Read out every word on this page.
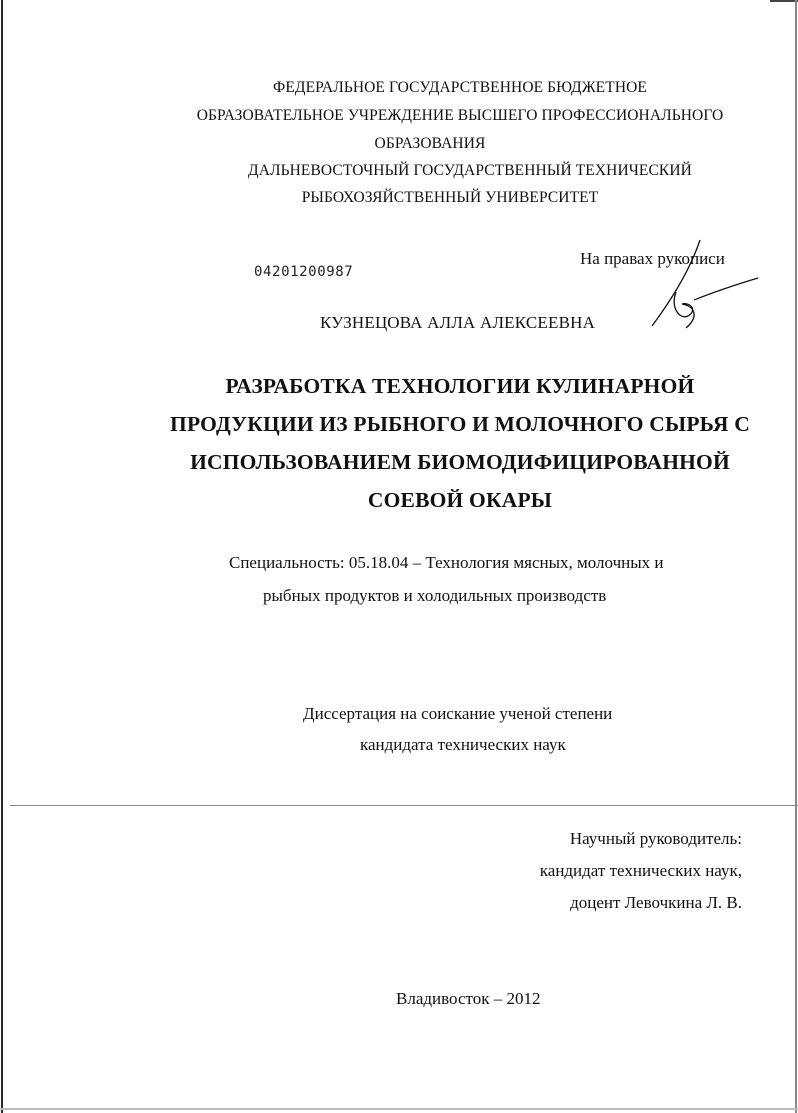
ФЕДЕРАЛЬНОЕ ГОСУДАРСТВЕННОЕ БЮДЖЕТНОЕ
ОБРАЗОВАТЕЛЬНОЕ УЧРЕЖДЕНИЕ ВЫСШЕГО ПРОФЕССИОНАЛЬНОГО
ОБРАЗОВАНИЯ
ДАЛЬНЕВОСТОЧНЫЙ ГОСУДАРСТВЕННЫЙ ТЕХНИЧЕСКИЙ
РЫБОХОЗЯЙСТВЕННЫЙ УНИВЕРСИТЕТ
На правах рукописи
04201200987
КУЗНЕЦОВА АЛЛА АЛЕКСЕЕВНА
РАЗРАБОТКА ТЕХНОЛОГИИ КУЛИНАРНОЙ
ПРОДУКЦИИ ИЗ РЫБНОГО И МОЛОЧНОГО СЫРЬЯ С
ИСПОЛЬЗОВАНИЕМ БИОМОДИФИЦИРОВАННОЙ
СОЕВОЙ ОКАРЫ
Специальность: 05.18.04 – Технология мясных, молочных и
рыбных продуктов и холодильных производств
Диссертация на соискание ученой степени
кандидата технических наук
Научный руководитель:
кандидат технических наук,
доцент Левочкина Л. В.
Владивосток – 2012
